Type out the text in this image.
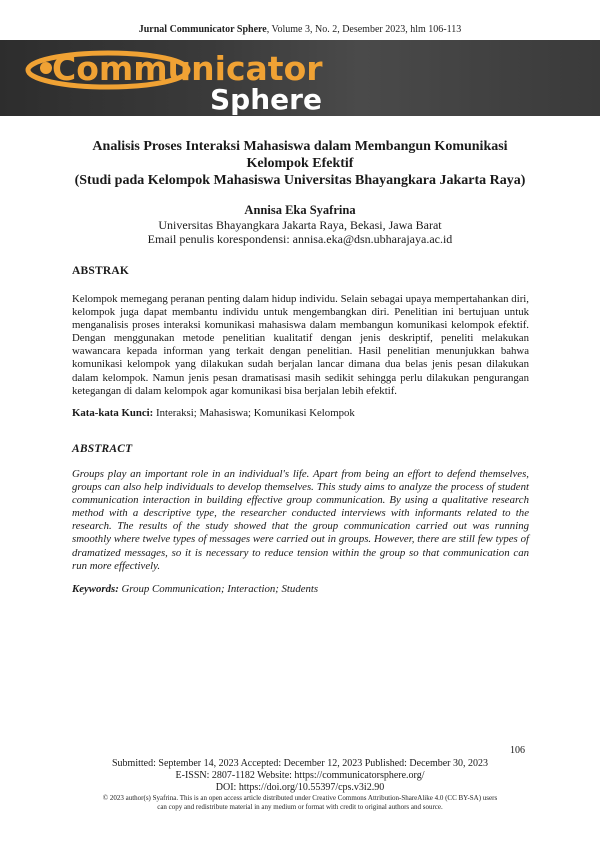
Jurnal Communicator Sphere, Volume 3, No. 2, Desember 2023, hlm 106-113
Communicator
Sphere
Analisis Proses Interaksi Mahasiswa dalam Membangun Komunikasi
Kelompok Efektif
(Studi pada Kelompok Mahasiswa Universitas Bhayangkara Jakarta Raya)
Annisa Eka Syafrina
Universitas Bhayangkara Jakarta Raya, Bekasi, Jawa Barat
Email penulis korespondensi: annisa.eka@dsn.ubharajaya.ac.id
ABSTRAK
Kelompok memegang peranan penting dalam hidup individu. Selain sebagai upaya mempertahankan diri, kelompok juga dapat membantu individu untuk mengembangkan diri. Penelitian ini bertujuan untuk menganalisis proses interaksi komunikasi mahasiswa dalam membangun komunikasi kelompok efektif. Dengan menggunakan metode penelitian kualitatif dengan jenis deskriptif, peneliti melakukan wawancara kepada informan yang terkait dengan penelitian. Hasil penelitian menunjukkan bahwa komunikasi kelompok yang dilakukan sudah berjalan lancar dimana dua belas jenis pesan dilakukan dalam kelompok. Namun jenis pesan dramatisasi masih sedikit sehingga perlu dilakukan pengurangan ketegangan di dalam kelompok agar komunikasi bisa berjalan lebih efektif.
Kata-kata Kunci: Interaksi; Mahasiswa; Komunikasi Kelompok
ABSTRACT
Groups play an important role in an individual's life. Apart from being an effort to defend themselves, groups can also help individuals to develop themselves. This study aims to analyze the process of student communication interaction in building effective group communication. By using a qualitative research method with a descriptive type, the researcher conducted interviews with informants related to the research. The results of the study showed that the group communication carried out was running smoothly where twelve types of messages were carried out in groups. However, there are still few types of dramatized messages, so it is necessary to reduce tension within the group so that communication can run more effectively.
Keywords: Group Communication; Interaction; Students
106
Submitted: September 14, 2023 Accepted: December 12, 2023 Published: December 30, 2023
E-ISSN: 2807-1182 Website: https://communicatorsphere.org/
DOI: https://doi.org/10.55397/cps.v3i2.90
© 2023 author(s) Syafrina. This is an open access article distributed under Creative Commons Attribution-ShareAlike 4.0 (CC BY-SA) users
can copy and redistribute material in any medium or format with credit to original authors and source.
